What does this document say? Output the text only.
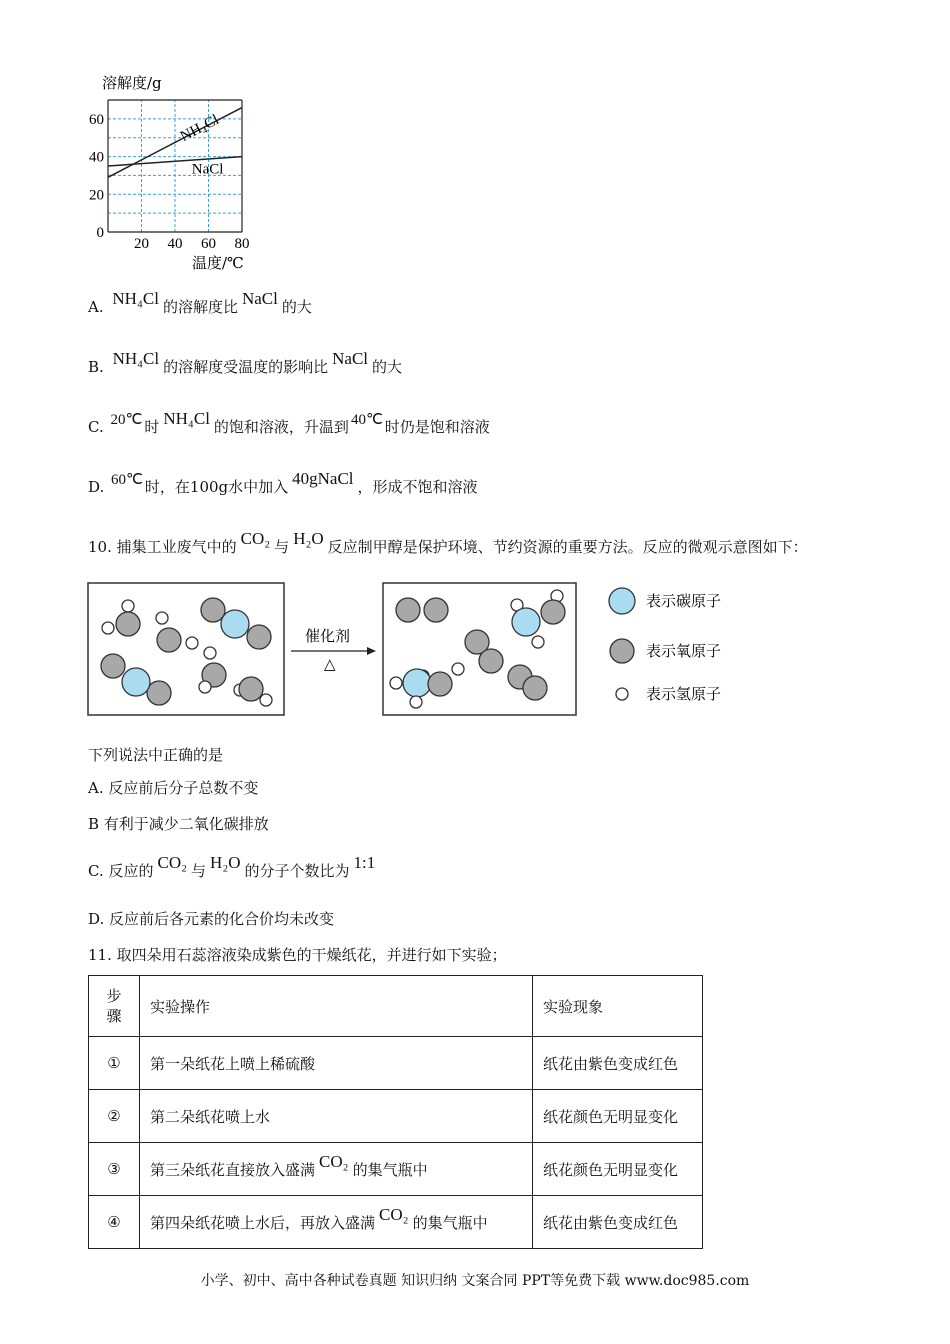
溶解度/g
温度/℃
0
20
40
60
20 40 60 80
NH₄Cl
NaCl
A. NH₄Cl 的溶解度比 NaCl 的大
B. NH₄Cl 的溶解度受温度的影响比 NaCl 的大
C. 20℃ 时 NH₄Cl 的饱和溶液，升温到 40℃ 时仍是饱和溶液
D. 60℃ 时，在100g水中加入 40gNaCl ，形成不饱和溶液
10. 捕集工业废气中的 CO₂ 与 H₂O 反应制甲醇是保护环境、节约资源的重要方法。反应的微观示意图如下：
催化剂
△
表示碳原子
表示氧原子
表示氢原子
下列说法中正确的是
A. 反应前后分子总数不变
B 有利于减少二氧化碳排放
C. 反应的 CO₂ 与 H₂O 的分子个数比为 1:1
D. 反应前后各元素的化合价均未改变
11. 取四朵用石蕊溶液染成紫色的干燥纸花，并进行如下实验；
步骤	实验操作	实验现象
①	第一朵纸花上喷上稀硫酸	纸花由紫色变成红色
②	第二朵纸花喷上水	纸花颜色无明显变化
③	第三朵纸花直接放入盛满 CO₂ 的集气瓶中	纸花颜色无明显变化
④	第四朵纸花喷上水后，再放入盛满 CO₂ 的集气瓶中	纸花由紫色变成红色
小学、初中、高中各种试卷真题 知识归纳 文案合同 PPT等免费下载 www.doc985.com
